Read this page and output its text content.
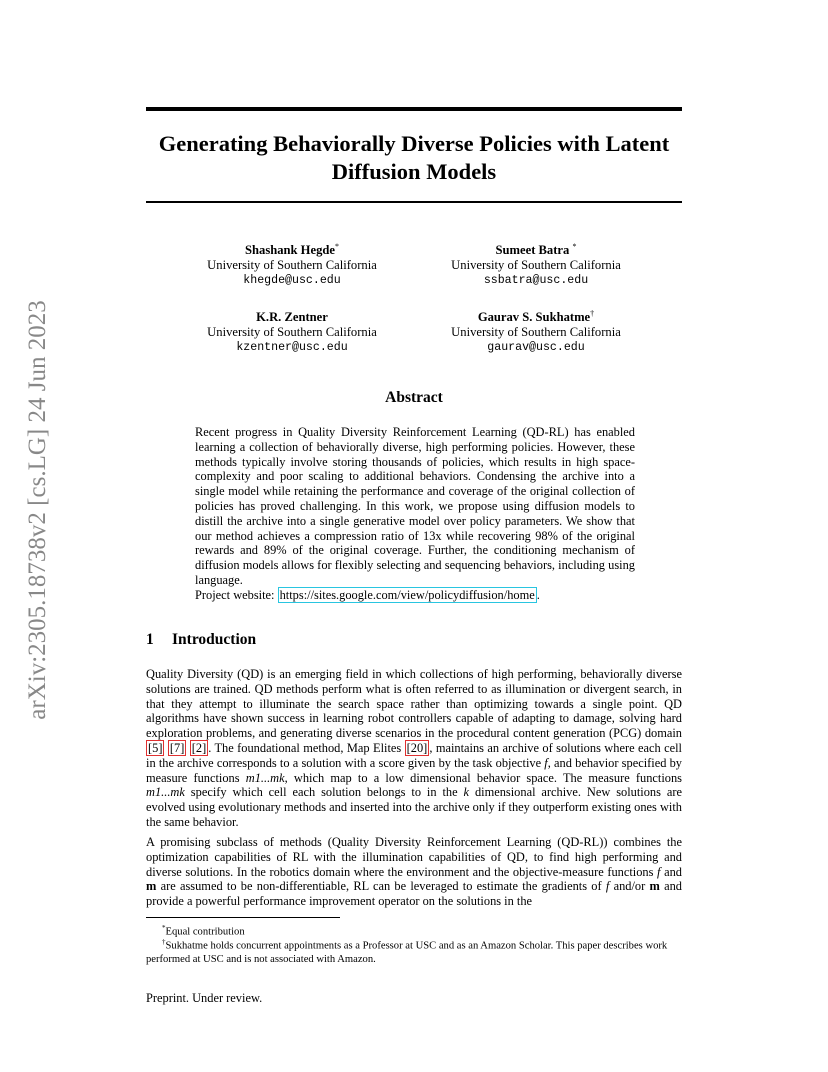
arXiv:2305.18738v2 [cs.LG] 24 Jun 2023
Generating Behaviorally Diverse Policies with Latent Diffusion Models
Shashank Hegde*
University of Southern California
khegde@usc.edu
Sumeet Batra *
University of Southern California
ssbatra@usc.edu
K.R. Zentner
University of Southern California
kzentner@usc.edu
Gaurav S. Sukhatme†
University of Southern California
gaurav@usc.edu
Abstract

Recent progress in Quality Diversity Reinforcement Learning (QD-RL) has enabled learning a collection of behaviorally diverse, high performing policies. However, these methods typically involve storing thousands of policies, which results in high space-complexity and poor scaling to additional behaviors. Condensing the archive into a single model while retaining the performance and coverage of the original collection of policies has proved challenging. In this work, we propose using diffusion models to distill the archive into a single generative model over policy parameters. We show that our method achieves a compression ratio of 13x while recovering 98% of the original rewards and 89% of the original coverage. Further, the conditioning mechanism of diffusion models allows for flexibly selecting and sequencing behaviors, including using language.

Project website: https://sites.google.com/view/policydiffusion/home .
1 Introduction

Quality Diversity (QD) is an emerging field in which collections of high performing, behaviorally diverse solutions are trained. QD methods perform what is often referred to as illumination or divergent search, in that they attempt to illuminate the search space rather than optimizing towards a single point. QD algorithms have shown success in learning robot controllers capable of adapting to damage, solving hard exploration problems, and generating diverse scenarios in the procedural content generation (PCG) domain [5] [7] [2] . The foundational method, Map Elites [20] , maintains an archive of solutions where each cell in the archive corresponds to a solution with a score given by the task objective f, and behavior specified by measure functions m1...mk, which map to a low dimensional behavior space. The measure functions m1...mk specify which cell each solution belongs to in the k dimensional archive. New solutions are evolved using evolutionary methods and inserted into the archive only if they outperform existing ones with the same behavior.

A promising subclass of methods (Quality Diversity Reinforcement Learning (QD-RL)) combines the optimization capabilities of RL with the illumination capabilities of QD, to find high performing and diverse solutions. In the robotics domain where the environment and the objective-measure functions f and m are assumed to be non-differentiable, RL can be leveraged to estimate the gradients of f and/or m and provide a powerful performance improvement operator on the solutions in the

*Equal contribution

†Sukhatme holds concurrent appointments as a Professor at USC and as an Amazon Scholar. This paper describes work performed at USC and is not associated with Amazon.

Preprint. Under review.
